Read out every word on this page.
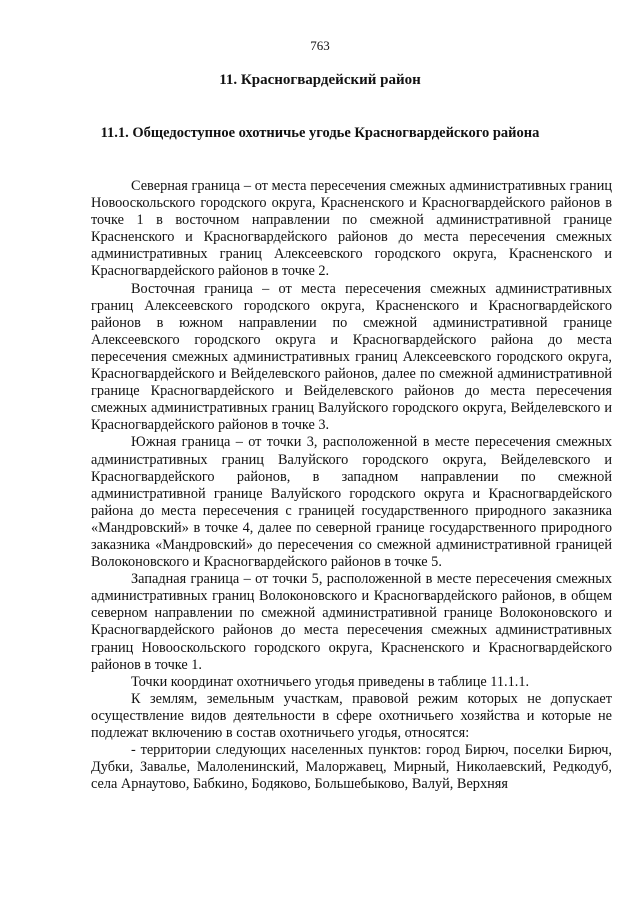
763
11. Красногвардейский район
11.1. Общедоступное охотничье угодье Красногвардейского района

Северная граница – от места пересечения смежных административных границ Новооскольского городского округа, Красненского и Красногвардейского районов в точке 1 в восточном направлении по смежной административной границе Красненского и Красногвардейского районов до места пересечения смежных административных границ Алексеевского городского округа, Красненского и Красногвардейского районов в точке 2.

Восточная граница – от места пересечения смежных административных границ Алексеевского городского округа, Красненского и Красногвардейского районов в южном направлении по смежной административной границе Алексеевского городского округа и Красногвардейского района до места пересечения смежных административных границ Алексеевского городского округа, Красногвардейского и Вейделевского районов, далее по смежной административной границе Красногвардейского и Вейделевского районов до места пересечения смежных административных границ Валуйского городского округа, Вейделевского и Красногвардейского районов в точке 3.

Южная граница – от точки 3, расположенной в месте пересечения смежных административных границ Валуйского городского округа, Вейделевского и Красногвардейского районов, в западном направлении по смежной административной границе Валуйского городского округа и Красногвардейского района до места пересечения с границей государственного природного заказника «Мандровский» в точке 4, далее по северной границе государственного природного заказника «Мандровский» до пересечения со смежной административной границей Волоконовского и Красногвардейского районов в точке 5.

Западная граница – от точки 5, расположенной в месте пересечения смежных административных границ Волоконовского и Красногвардейского районов, в общем северном направлении по смежной административной границе Волоконовского и Красногвардейского районов до места пересечения смежных административных границ Новооскольского городского округа, Красненского и Красногвардейского районов в точке 1.

Точки координат охотничьего угодья приведены в таблице 11.1.1.

К землям, земельным участкам, правовой режим которых не допускает осуществление видов деятельности в сфере охотничьего хозяйства и которые не подлежат включению в состав охотничьего угодья, относятся:

- территории следующих населенных пунктов: город Бирюч, поселки Бирюч, Дубки, Завалье, Малоленинский, Малоржавец, Мирный, Николаевский, Редкодуб, села Арнаутово, Бабкино, Бодяково, Большебыково, Валуй, Верхняя
